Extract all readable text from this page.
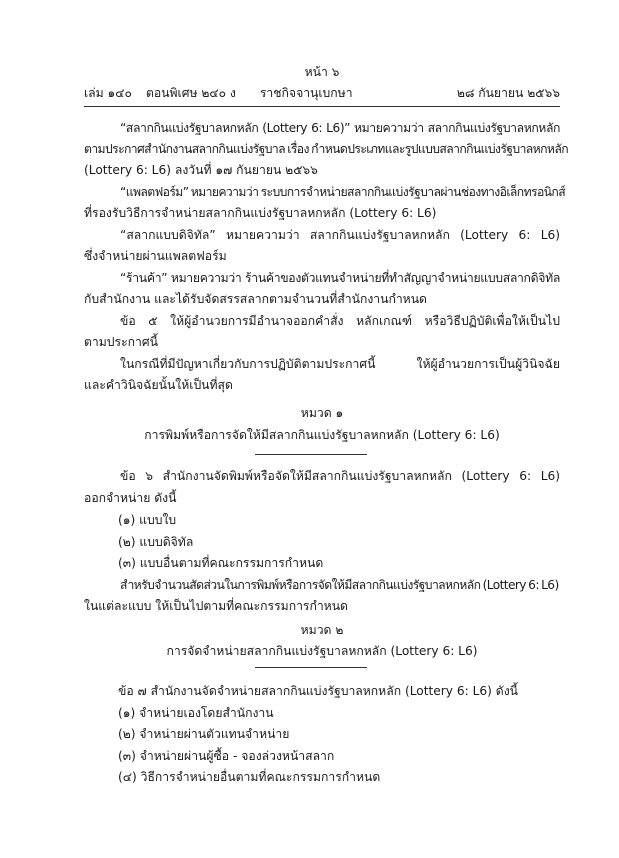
หน้า ๖
เล่ม ๑๔๐ ตอนพิเศษ ๒๔๐ ง ราชกิจจานุเบกษา	๒๘ กันยายน ๒๕๖๖
“สลากกินแบ่งรัฐบาลหกหลัก (Lottery 6: L6)” หมายความว่า สลากกินแบ่งรัฐบาลหกหลัก
ตามประกาศสำนักงานสลากกินแบ่งรัฐบาล เรื่อง กำหนดประเภทและรูปแบบสลากกินแบ่งรัฐบาลหกหลัก
(Lottery 6: L6) ลงวันที่ ๑๗ กันยายน ๒๕๖๖
“แพลตฟอร์ม” หมายความว่า ระบบการจำหน่ายสลากกินแบ่งรัฐบาลผ่านช่องทางอิเล็กทรอนิกส์
ที่รองรับวิธีการจำหน่ายสลากกินแบ่งรัฐบาลหกหลัก (Lottery 6: L6)
“สลากแบบดิจิทัล” หมายความว่า สลากกินแบ่งรัฐบาลหกหลัก (Lottery 6: L6)
ซึ่งจำหน่ายผ่านแพลตฟอร์ม
“ร้านค้า” หมายความว่า ร้านค้าของตัวแทนจำหน่ายที่ทำสัญญาจำหน่ายแบบสลากดิจิทัล
กับสำนักงาน และได้รับจัดสรรสลากตามจำนวนที่สำนักงานกำหนด
ข้อ ๕ ให้ผู้อำนวยการมีอำนาจออกคำสั่ง หลักเกณฑ์ หรือวิธีปฏิบัติเพื่อให้เป็นไป
ตามประกาศนี้
ในกรณีที่มีปัญหาเกี่ยวกับการปฏิบัติตามประกาศนี้ ให้ผู้อำนวยการเป็นผู้วินิจฉัย
และคำวินิจฉัยนั้นให้เป็นที่สุด
หมวด ๑
การพิมพ์หรือการจัดให้มีสลากกินแบ่งรัฐบาลหกหลัก (Lottery 6: L6)
ข้อ ๖ สำนักงานจัดพิมพ์หรือจัดให้มีสลากกินแบ่งรัฐบาลหกหลัก (Lottery 6: L6)
ออกจำหน่าย ดังนี้
(๑) แบบใบ
(๒) แบบดิจิทัล
(๓) แบบอื่นตามที่คณะกรรมการกำหนด
สำหรับจำนวนสัดส่วนในการพิมพ์หรือการจัดให้มีสลากกินแบ่งรัฐบาลหกหลัก (Lottery 6: L6)
ในแต่ละแบบ ให้เป็นไปตามที่คณะกรรมการกำหนด
หมวด ๒
การจัดจำหน่ายสลากกินแบ่งรัฐบาลหกหลัก (Lottery 6: L6)
ข้อ ๗ สำนักงานจัดจำหน่ายสลากกินแบ่งรัฐบาลหกหลัก (Lottery 6: L6) ดังนี้
(๑) จำหน่ายเองโดยสำนักงาน
(๒) จำหน่ายผ่านตัวแทนจำหน่าย
(๓) จำหน่ายผ่านผู้ซื้อ - จองล่วงหน้าสลาก
(๔) วิธีการจำหน่ายอื่นตามที่คณะกรรมการกำหนด
